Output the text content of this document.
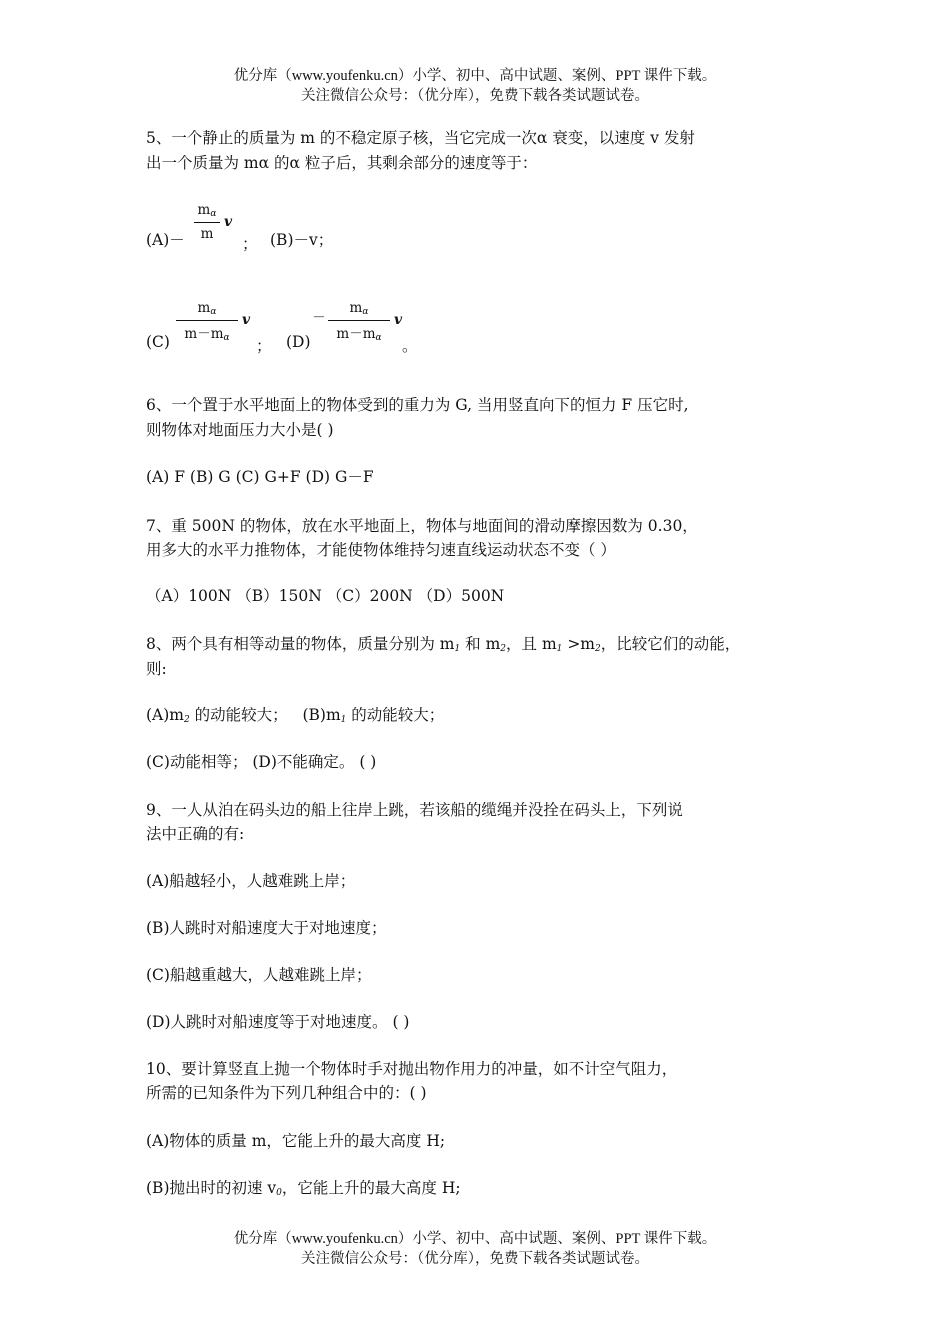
优分库（www.youfenku.cn）小学、初中、高中试题、案例、PPT 课件下载。
关注微信公众号：（优分库），免费下载各类试题试卷。
5、一个静止的质量为 m 的不稳定原子核，当它完成一次α 衰变，以速度 v 发射
出一个质量为 mα 的α 粒子后，其剩余部分的速度等于：
(A)－
$m_\alpha$
m
v
； (B)－v；
(C)
$m_\alpha$
$m-m_\alpha$
v
； (D)
－
$m_\alpha$
$m-m_\alpha$
v
。
6、一个置于水平地面上的物体受到的重力为 G, 当用竖直向下的恒力 F 压它时,
则物体对地面压力大小是( )
(A) F (B) G (C) G+F (D) G－F
7、重 500N 的物体，放在水平地面上，物体与地面间的滑动摩擦因数为 0.30，
用多大的水平力推物体，才能使物体维持匀速直线运动状态不变（ ）
（A）100N （B）150N （C）200N （D）500N
8、两个具有相等动量的物体，质量分别为 $m_1$ 和 $m_2$，且 $m_1 >m_2$，比较它们的动能，
则:
$(A)m_2$ 的动能较大； $(B)m_1$ 的动能较大；
(C)动能相等； (D)不能确定。 ( )
9、一人从泊在码头边的船上往岸上跳，若该船的缆绳并没拴在码头上，下列说
法中正确的有:
(A)船越轻小，人越难跳上岸；
(B)人跳时对船速度大于对地速度；
(C)船越重越大，人越难跳上岸；
(D)人跳时对船速度等于对地速度。 ( )
10、要计算竖直上抛一个物体时手对抛出物作用力的冲量，如不计空气阻力，
所需的已知条件为下列几种组合中的：( )
(A)物体的质量 m，它能上升的最大高度 H;
(B)抛出时的初速 $v_0$，它能上升的最大高度 H;
优分库（www.youfenku.cn）小学、初中、高中试题、案例、PPT 课件下载。
关注微信公众号：（优分库），免费下载各类试题试卷。
